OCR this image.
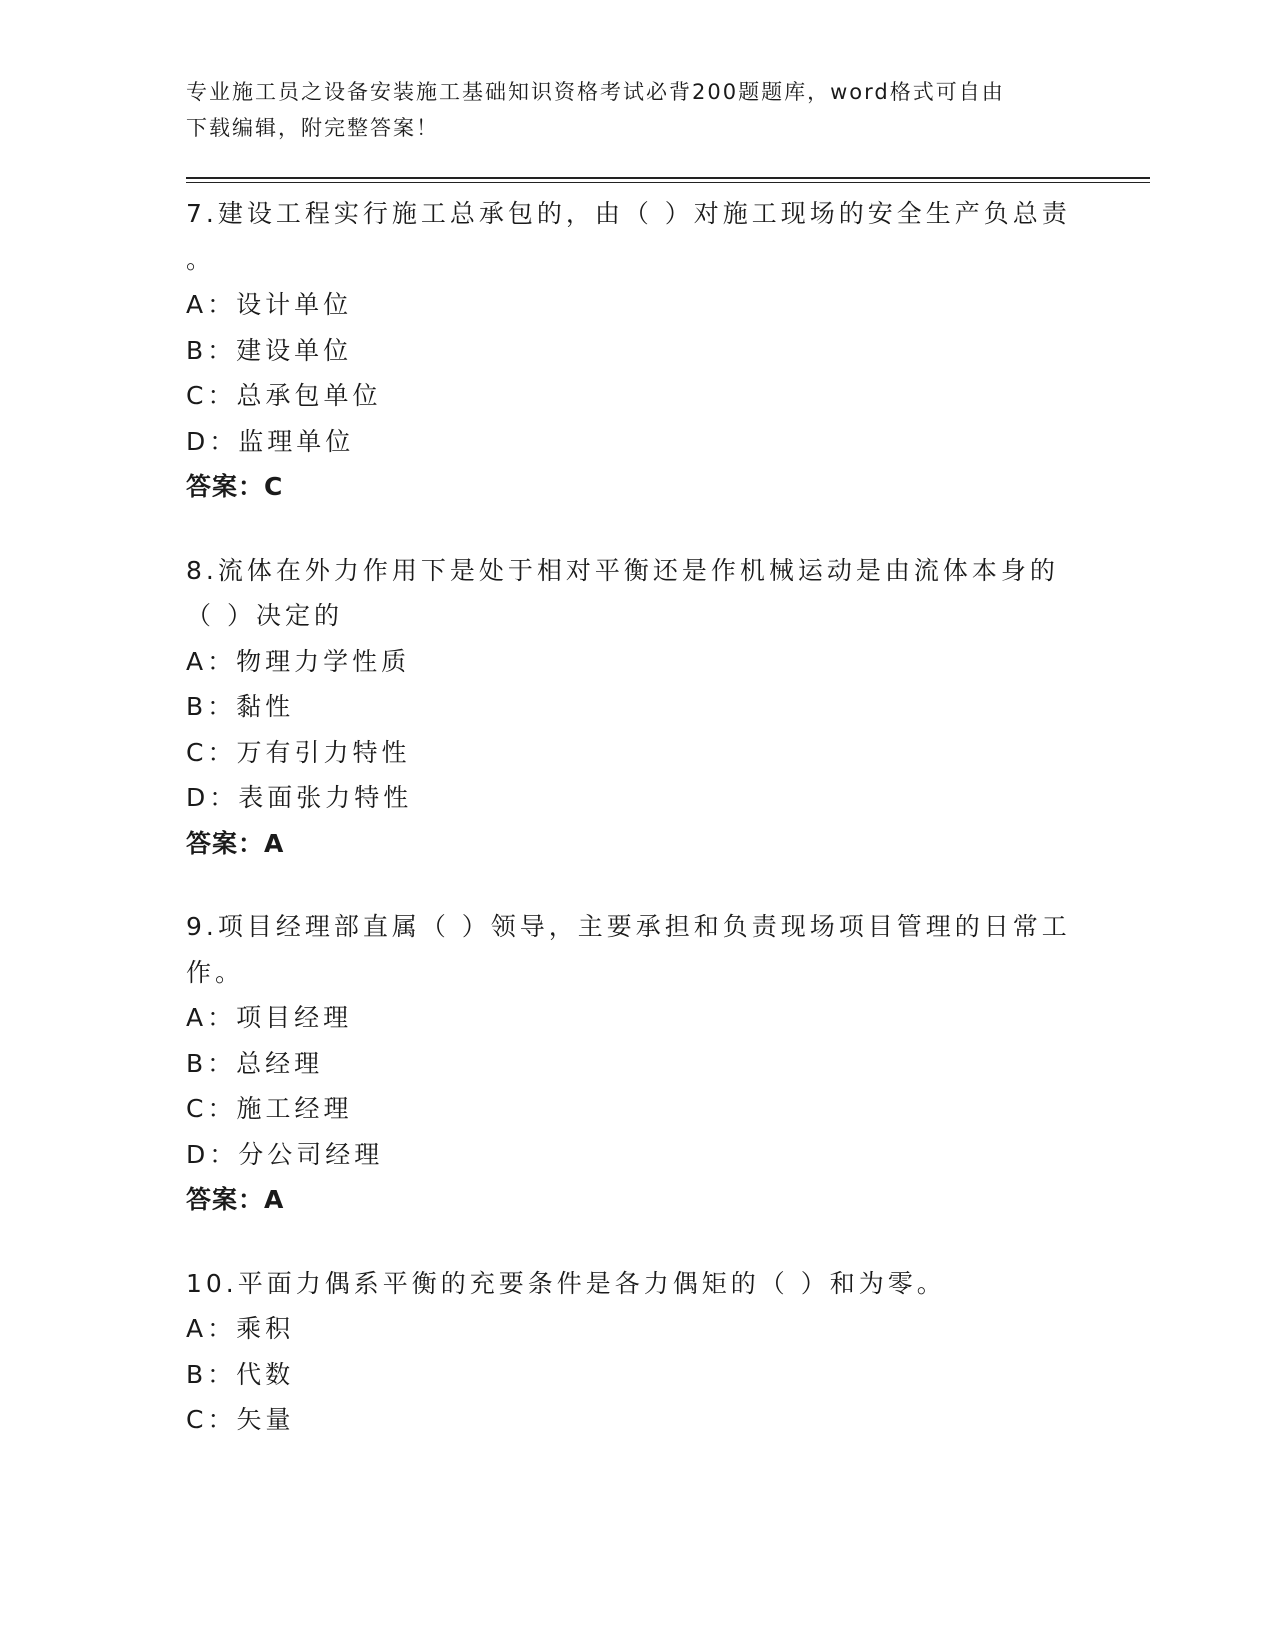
专业施工员之设备安装施工基础知识资格考试必背200题题库，word格式可自由
下载编辑，附完整答案！
7.建设工程实行施工总承包的，由（ ）对施工现场的安全生产负总责
。
A：设计单位
B：建设单位
C：总承包单位
D：监理单位
答案：C
8.流体在外力作用下是处于相对平衡还是作机械运动是由流体本身的
（ ）决定的
A：物理力学性质
B：黏性
C：万有引力特性
D：表面张力特性
答案：A
9.项目经理部直属（ ）领导，主要承担和负责现场项目管理的日常工
作。
A：项目经理
B：总经理
C：施工经理
D：分公司经理
答案：A
10.平面力偶系平衡的充要条件是各力偶矩的（ ）和为零。
A：乘积
B：代数
C：矢量
